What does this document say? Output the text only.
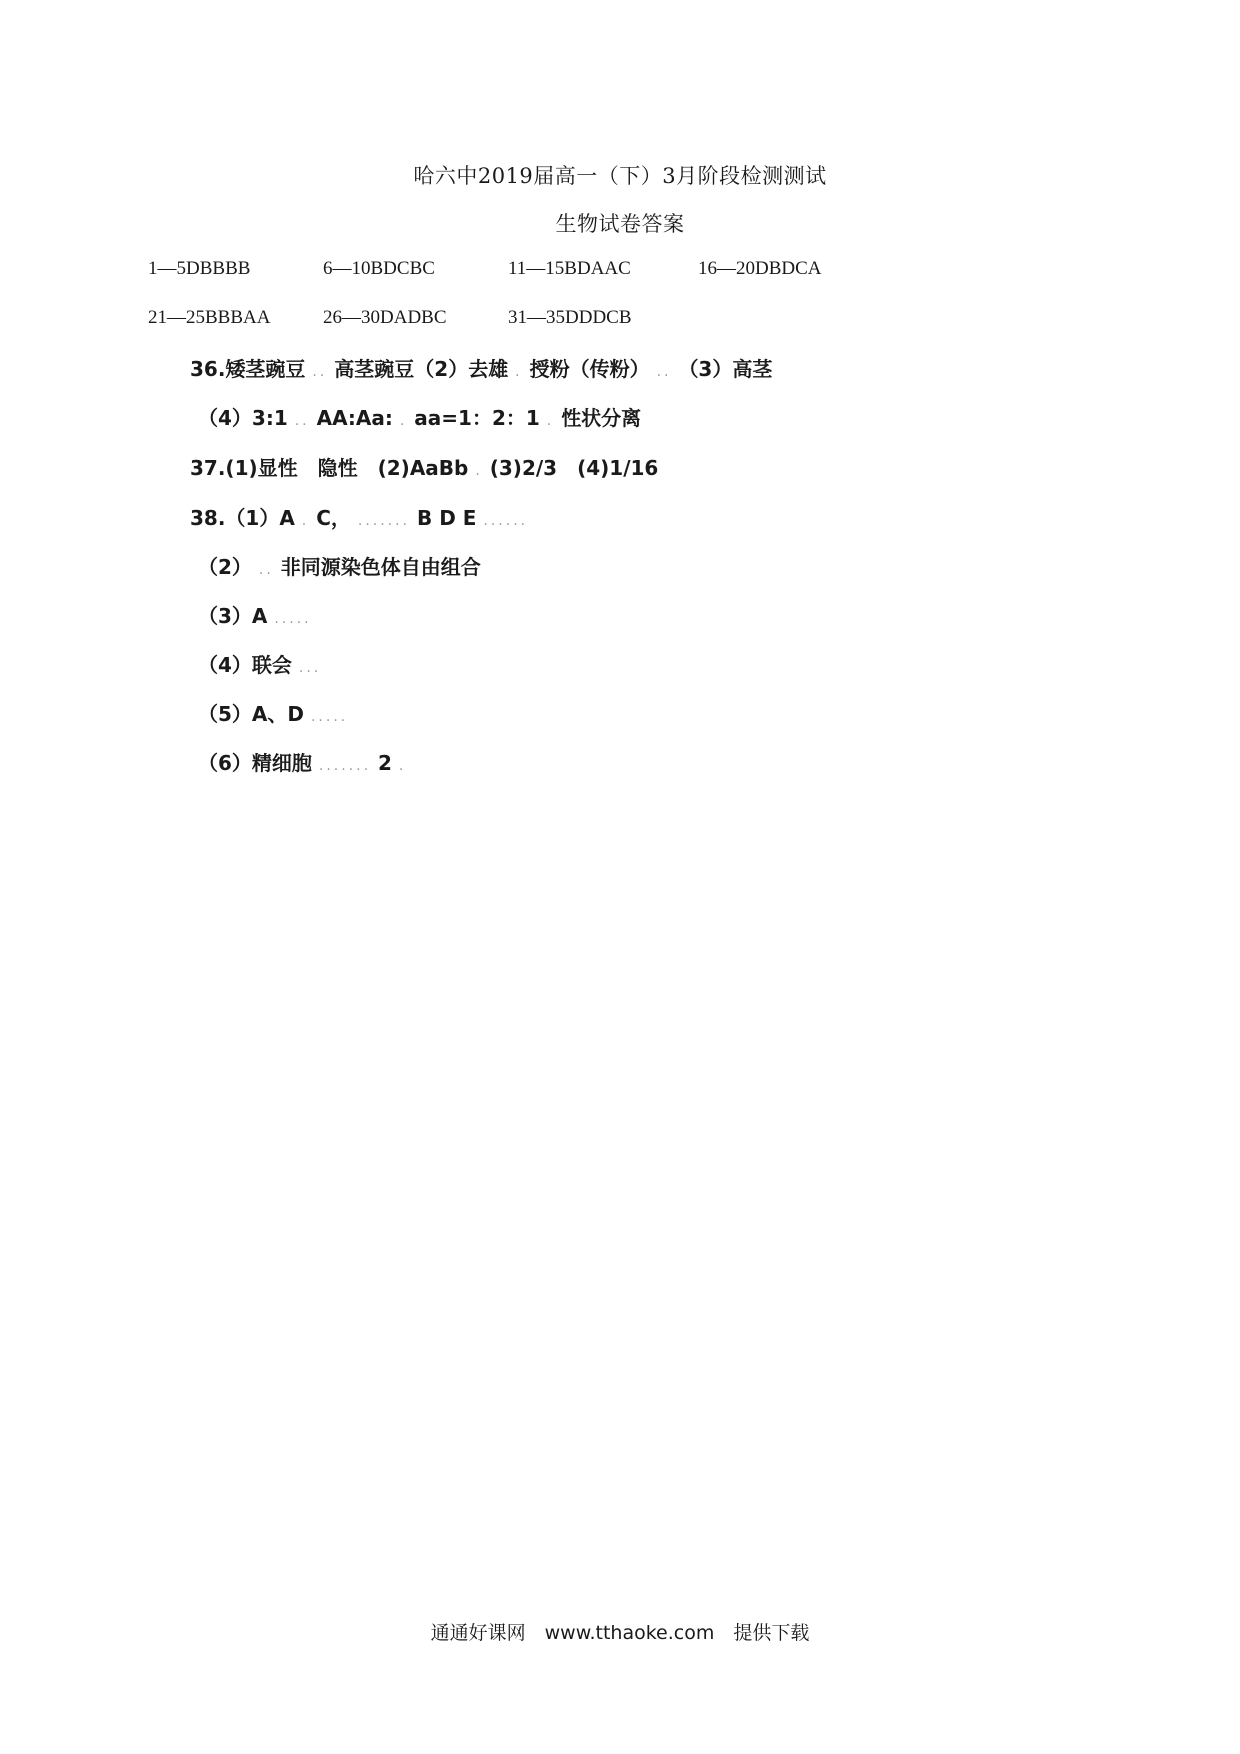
哈六中2019届高一（下）3月阶段检测测试
生物试卷答案
1—5DBBBB	6—10BDCBC	11—15BDAAC	16—20DBDCA
21—25BBBAA	26—30DADBC	31—35DDDCB
36.矮茎豌豆 .. 高茎豌豆（2）去雄 . 授粉（传粉） .. （3）高茎
（4）3:1 .. AA:Aa: . aa=1：2：1 . 性状分离
37.(1)显性　隐性　(2)AaBb . (3)2/3　(4)1/16
38.（1）A . C， ....... B D E ......
（2） .. 非同源染色体自由组合
（3）A .....
（4）联会 ...
（5）A、D .....
（6）精细胞 ....... 2 .
通通好课网　www.tthaoke.com　提供下载
